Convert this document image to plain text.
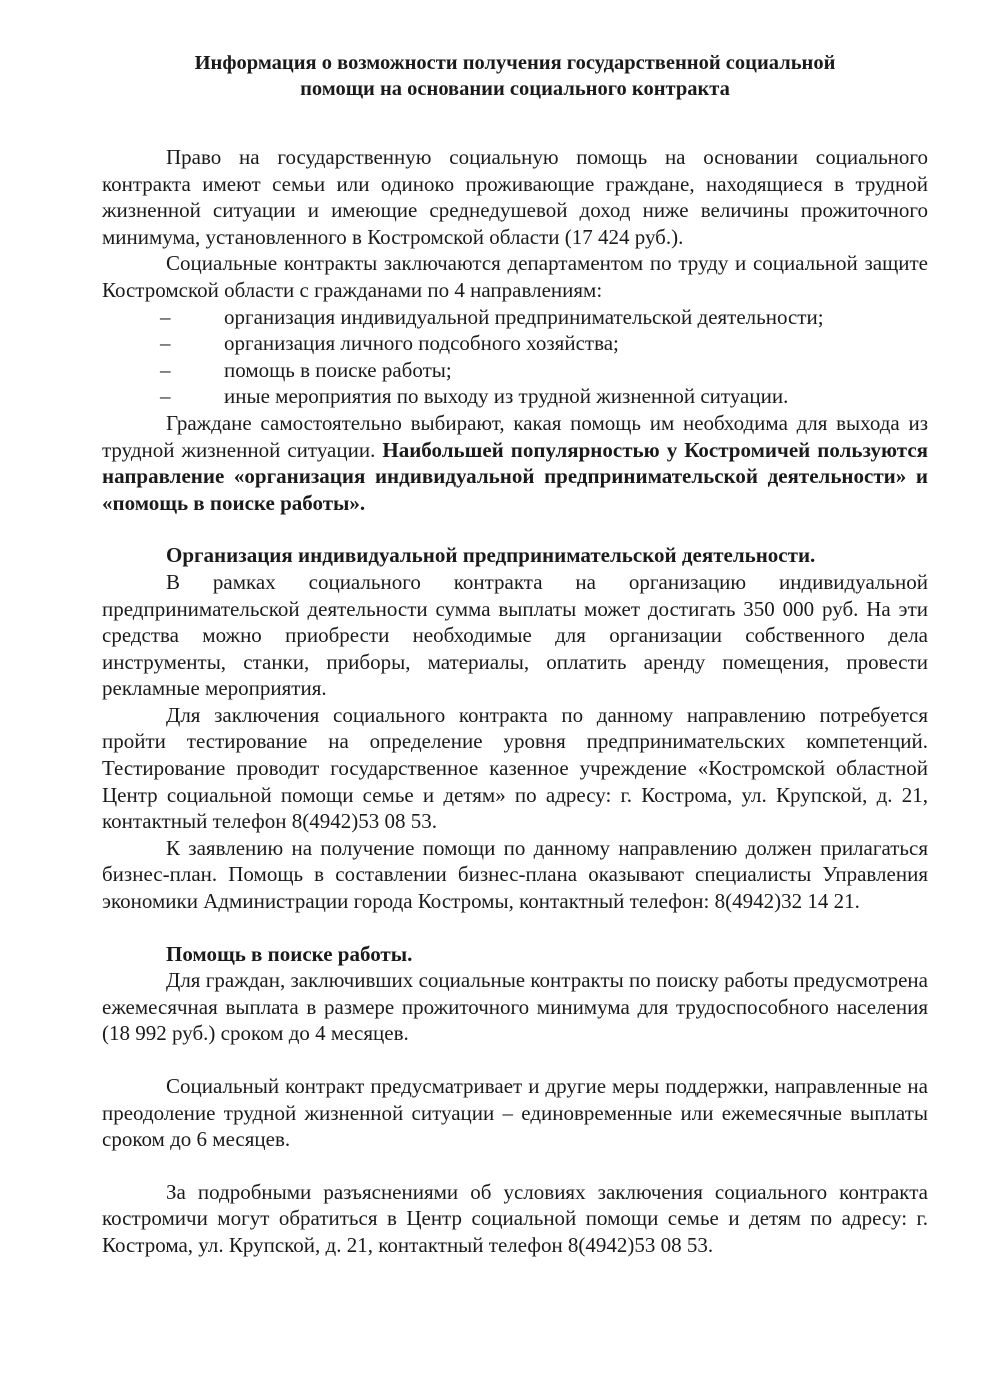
Информация о возможности получения государственной социальной
помощи на основании социального контракта

Право на государственную социальную помощь на основании социального контракта имеют семьи или одиноко проживающие граждане, находящиеся в трудной жизненной ситуации и имеющие среднедушевой доход ниже величины прожиточного минимума, установленного в Костромской области (17 424 руб.).

Социальные контракты заключаются департаментом по труду и социальной защите Костромской области с гражданами по 4 направлениям:

–	организация индивидуальной предпринимательской деятельности;
–	организация личного подсобного хозяйства;
–	помощь в поиске работы;
–	иные мероприятия по выходу из трудной жизненной ситуации.

Граждане самостоятельно выбирают, какая помощь им необходима для выхода из трудной жизненной ситуации. Наибольшей популярностью у Костромичей пользуются направление «организация индивидуальной предпринимательской деятельности» и «помощь в поиске работы».

Организация индивидуальной предпринимательской деятельности.

В рамках социального контракта на организацию индивидуальной предпринимательской деятельности сумма выплаты может достигать 350 000 руб. На эти средства можно приобрести необходимые для организации собственного дела инструменты, станки, приборы, материалы, оплатить аренду помещения, провести рекламные мероприятия.

Для заключения социального контракта по данному направлению потребуется пройти тестирование на определение уровня предпринимательских компетенций. Тестирование проводит государственное казенное учреждение «Костромской областной Центр социальной помощи семье и детям» по адресу: г. Кострома, ул. Крупской, д. 21, контактный телефон 8(4942)53 08 53.

К заявлению на получение помощи по данному направлению должен прилагаться бизнес-план. Помощь в составлении бизнес-плана оказывают специалисты Управления экономики Администрации города Костромы, контактный телефон: 8(4942)32 14 21.

Помощь в поиске работы.

Для граждан, заключивших социальные контракты по поиску работы предусмотрена ежемесячная выплата в размере прожиточного минимума для трудоспособного населения (18 992 руб.) сроком до 4 месяцев.

Социальный контракт предусматривает и другие меры поддержки, направленные на преодоление трудной жизненной ситуации – единовременные или ежемесячные выплаты сроком до 6 месяцев.

За подробными разъяснениями об условиях заключения социального контракта костромичи могут обратиться в Центр социальной помощи семье и детям по адресу: г. Кострома, ул. Крупской, д. 21, контактный телефон 8(4942)53 08 53.
